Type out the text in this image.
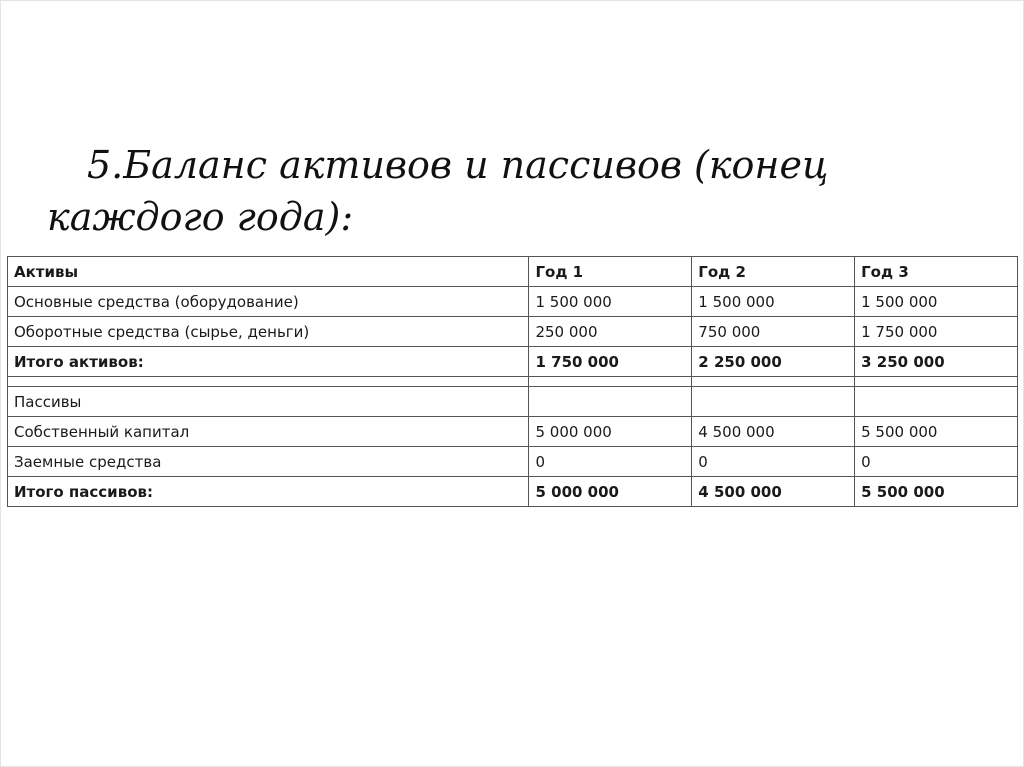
5.Баланс активов и пассивов (конец каждого года):
Активы	Год 1	Год 2	Год 3
Основные средства (оборудование)	1 500 000	1 500 000	1 500 000
Оборотные средства (сырье, деньги)	250 000	750 000	1 750 000
Итого активов:	1 750 000	2 250 000	3 250 000

Пассивы			
Собственный капитал	5 000 000	4 500 000	5 500 000
Заемные средства	0	0	0
Итого пассивов:	5 000 000	4 500 000	5 500 000
